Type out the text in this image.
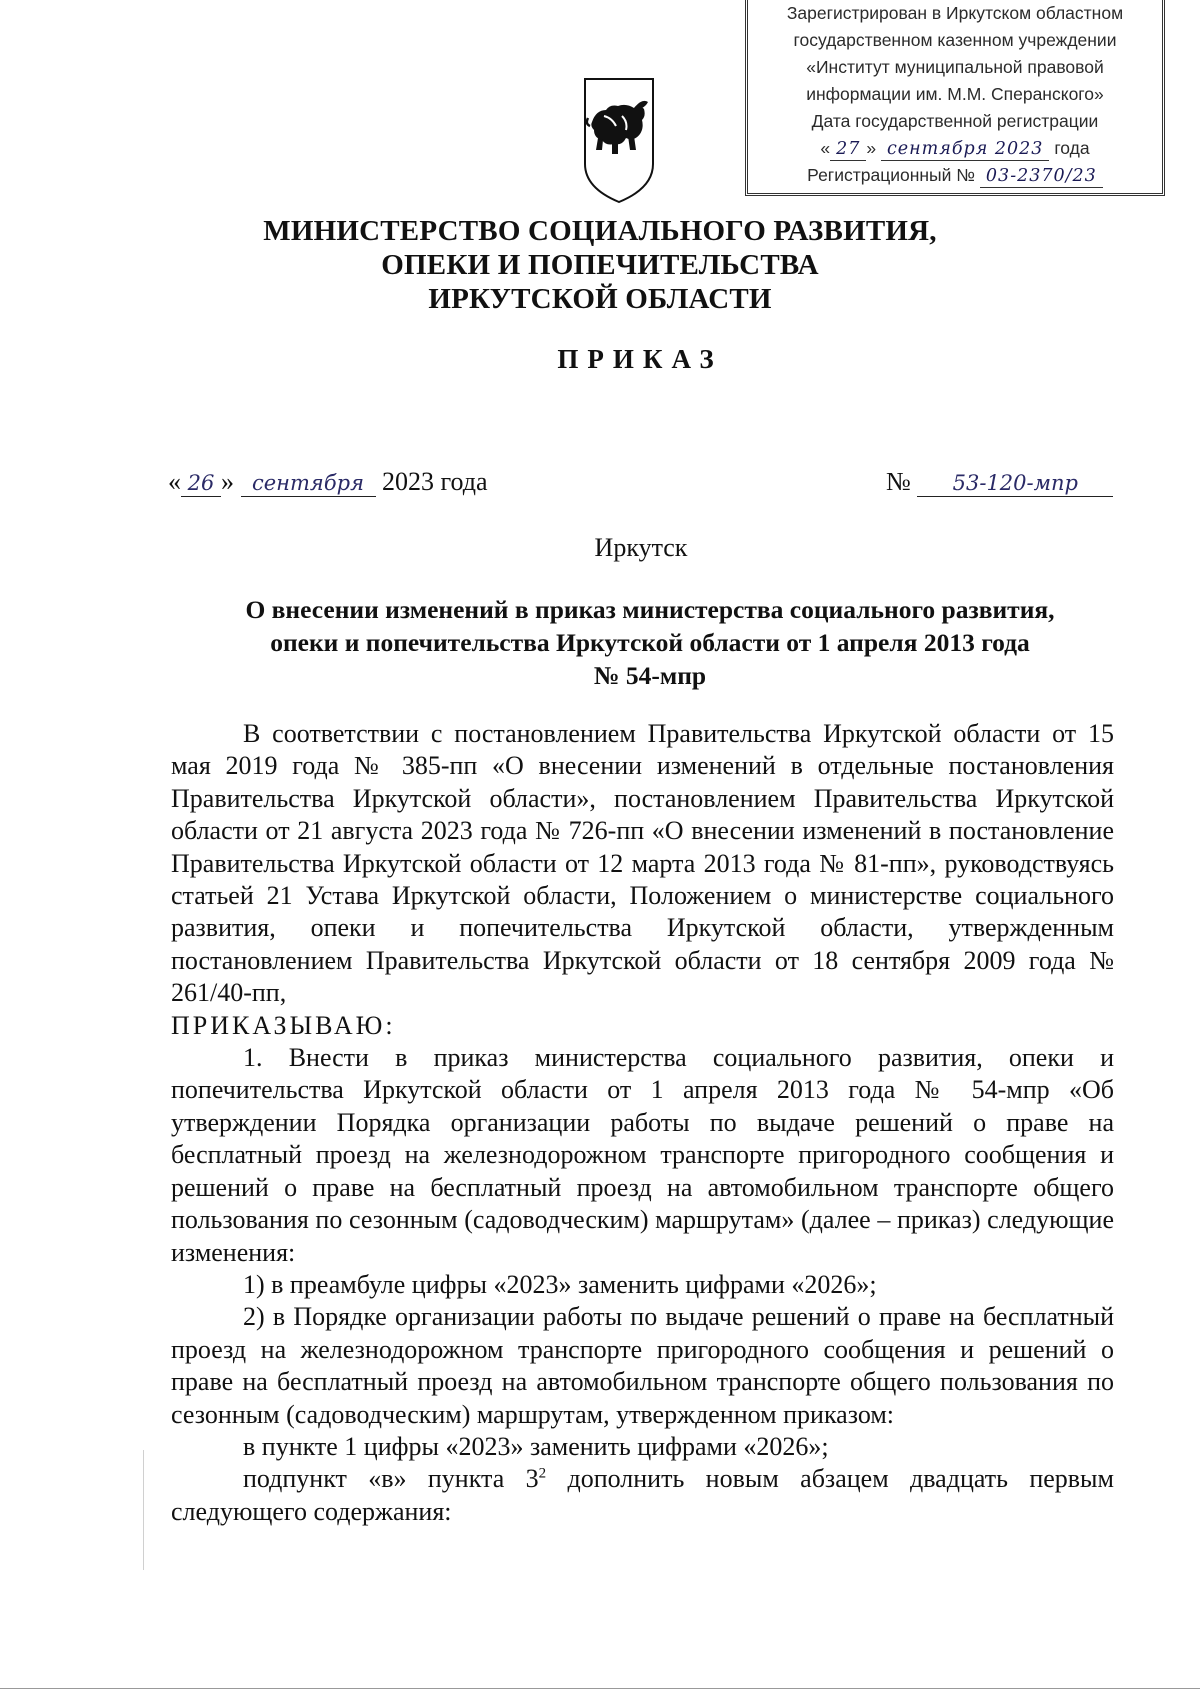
Зарегистрирован в Иркутском областном
государственном казенном учреждении
«Институт муниципальной правовой
информации им. М.М. Сперанского»
Дата государственной регистрации
« 27 » сентября 2023 года
Регистрационный № 03-2370/23
МИНИСТЕРСТВО СОЦИАЛЬНОГО РАЗВИТИЯ,
ОПЕКИ И ПОПЕЧИТЕЛЬСТВА
ИРКУТСКОЙ ОБЛАСТИ
ПРИКАЗ
« 26 » сентября 2023 года	№ 53-120-мпр
Иркутск
О внесении изменений в приказ министерства социального развития,
опеки и попечительства Иркутской области от 1 апреля 2013 года
№ 54-мпр

В соответствии с постановлением Правительства Иркутской области от 15 мая 2019 года № 385-пп «О внесении изменений в отдельные постановления Правительства Иркутской области», постановлением Правительства Иркутской области от 21 августа 2023 года № 726-пп «О внесении изменений в постановление Правительства Иркутской области от 12 марта 2013 года № 81-пп», руководствуясь статьей 21 Устава Иркутской области, Положением о министерстве социального развития, опеки и попечительства Иркутской области, утвержденным постановлением Правительства Иркутской области от 18 сентября 2009 года № 261/40-пп,

ПРИКАЗЫВАЮ:

1. Внести в приказ министерства социального развития, опеки и попечительства Иркутской области от 1 апреля 2013 года № 54-мпр «Об утверждении Порядка организации работы по выдаче решений о праве на бесплатный проезд на железнодорожном транспорте пригородного сообщения и решений о праве на бесплатный проезд на автомобильном транспорте общего пользования по сезонным (садоводческим) маршрутам» (далее – приказ) следующие изменения:

1) в преамбуле цифры «2023» заменить цифрами «2026»;

2) в Порядке организации работы по выдаче решений о праве на бесплатный проезд на железнодорожном транспорте пригородного сообщения и решений о праве на бесплатный проезд на автомобильном транспорте общего пользования по сезонным (садоводческим) маршрутам, утвержденном приказом:

в пункте 1 цифры «2023» заменить цифрами «2026»;

подпункт «в» пункта $3^2$ дополнить новым абзацем двадцать первым следующего содержания:
